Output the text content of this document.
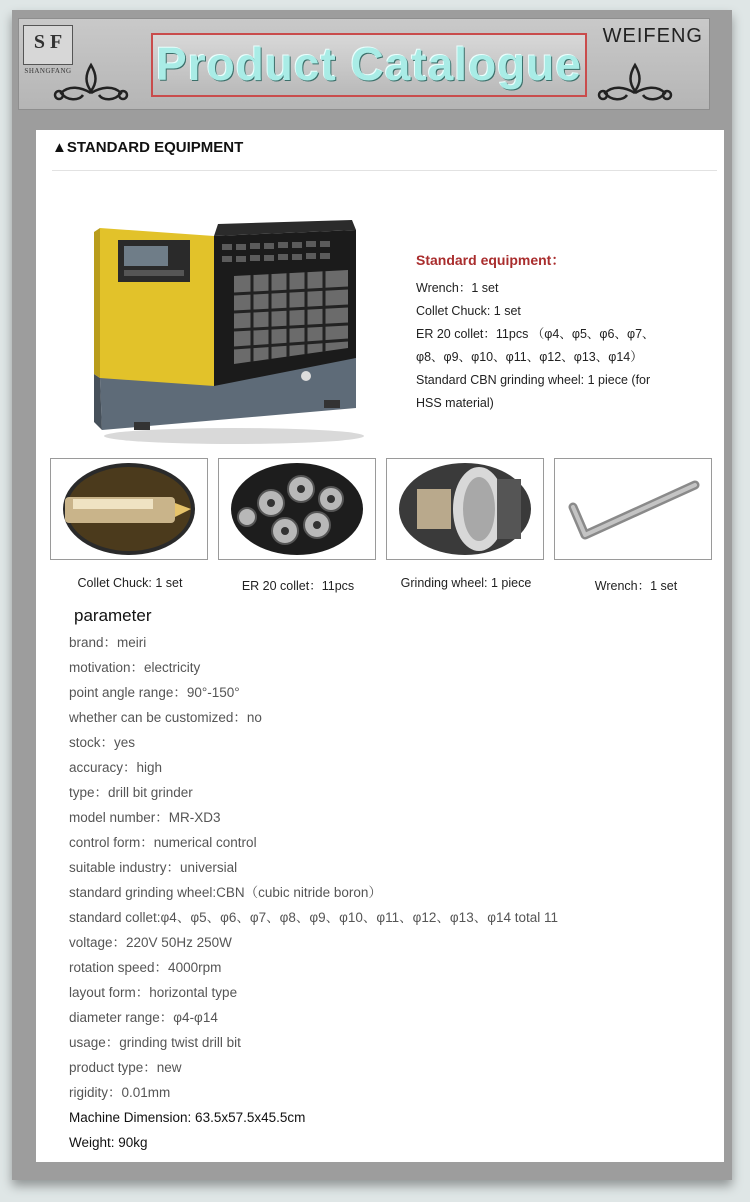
S F
SHANGFANG Product Catalogue
WEIFENG
▲STANDARD EQUIPMENT
Standard equipment：
Wrench：1 set
Collet Chuck: 1 set
ER 20 collet：11pcs （φ4、φ5、φ6、φ7、
φ8、φ9、φ10、φ11、φ12、φ13、φ14）
Standard CBN grinding wheel: 1 piece (for
HSS material)
Collet Chuck: 1 set	ER 20 collet：11pcs	Grinding wheel: 1 piece	Wrench：1 set
parameter
brand：meiri
motivation：electricity
point angle range：90°-150°
whether can be customized：no
stock：yes
accuracy：high
type：drill bit grinder
model number：MR-XD3
control form：numerical control
suitable industry：universial
standard grinding wheel:CBN（cubic nitride boron）
standard collet:φ4、φ5、φ6、φ7、φ8、φ9、φ10、φ11、φ12、φ13、φ14 total 11
voltage：220V 50Hz 250W
rotation speed：4000rpm
layout form：horizontal type
diameter range：φ4-φ14
usage：grinding twist drill bit
product type：new
rigidity：0.01mm
Machine Dimension: 63.5x57.5x45.5cm
Weight: 90kg
